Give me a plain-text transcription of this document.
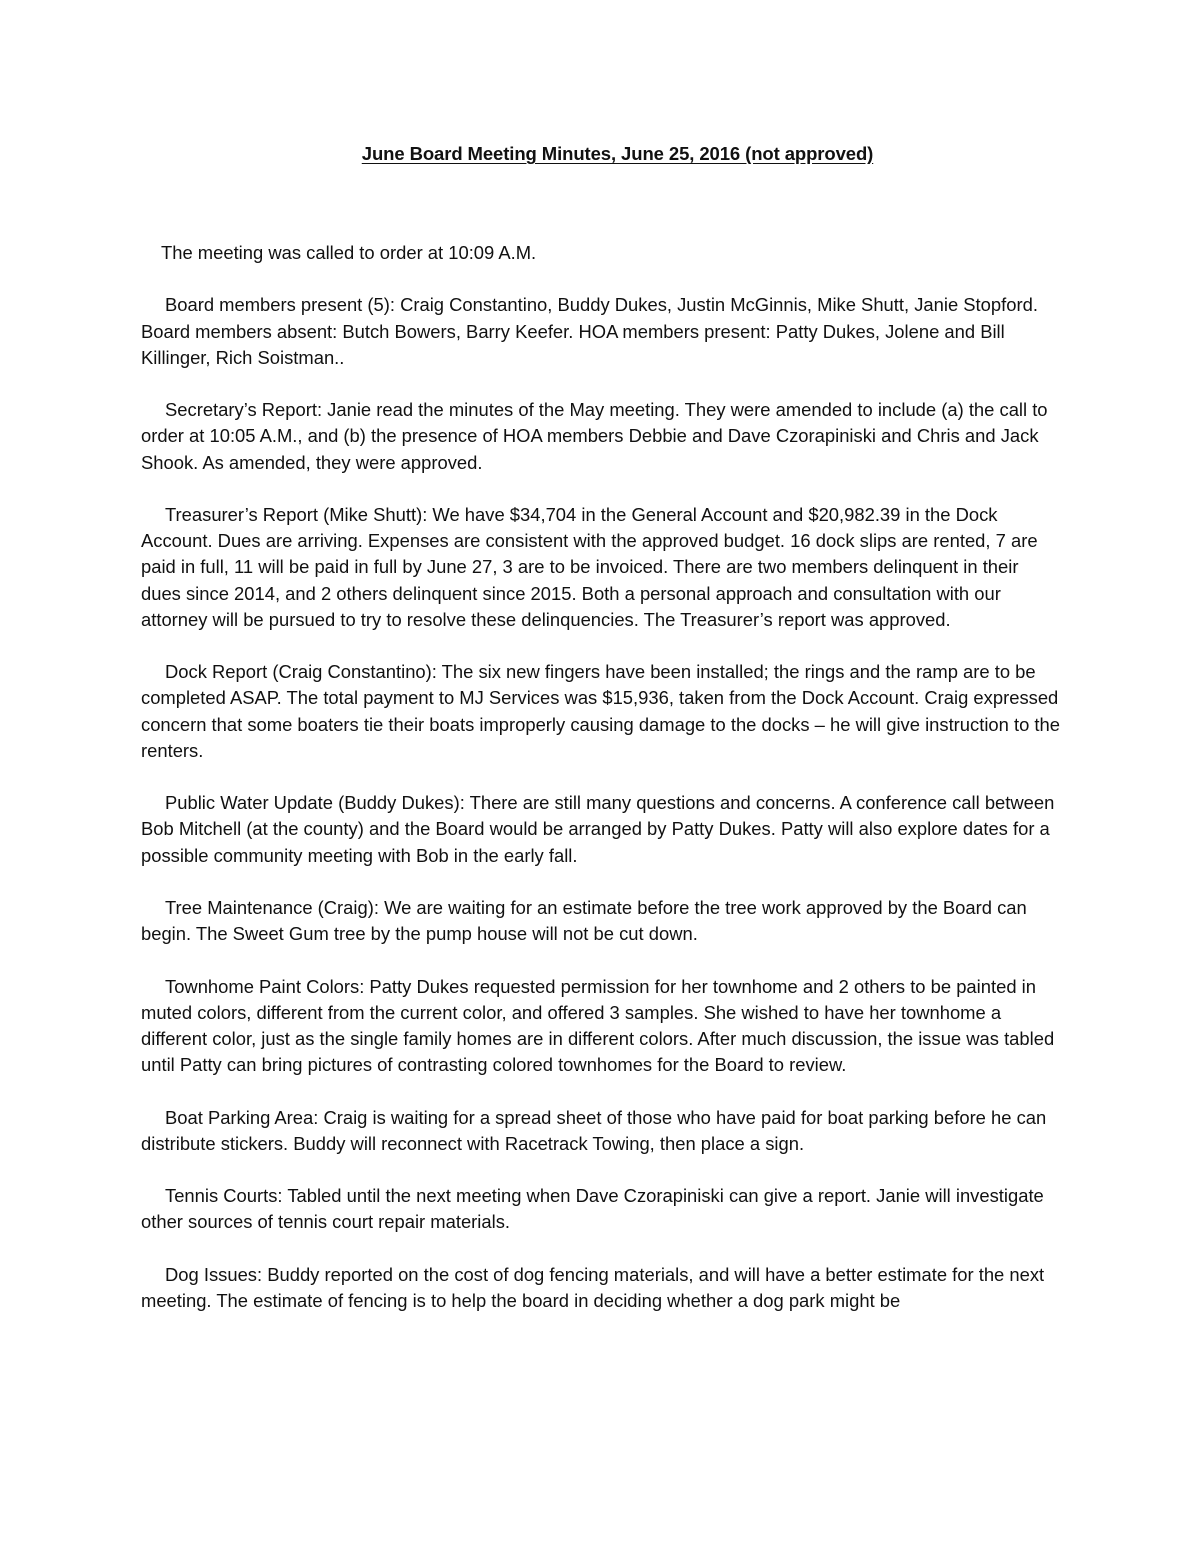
June Board Meeting Minutes, June 25, 2016 (not approved)

The meeting was called to order at 10:09 A.M.

Board members present (5): Craig Constantino, Buddy Dukes, Justin McGinnis, Mike Shutt, Janie Stopford. Board members absent: Butch Bowers, Barry Keefer. HOA members present: Patty Dukes, Jolene and Bill Killinger, Rich Soistman..

Secretary’s Report: Janie read the minutes of the May meeting. They were amended to include (a) the call to order at 10:05 A.M., and (b) the presence of HOA members Debbie and Dave Czorapiniski and Chris and Jack Shook. As amended, they were approved.

Treasurer’s Report (Mike Shutt): We have $34,704 in the General Account and $20,982.39 in the Dock Account. Dues are arriving. Expenses are consistent with the approved budget. 16 dock slips are rented, 7 are paid in full, 11 will be paid in full by June 27, 3 are to be invoiced. There are two members delinquent in their dues since 2014, and 2 others delinquent since 2015. Both a personal approach and consultation with our attorney will be pursued to try to resolve these delinquencies. The Treasurer’s report was approved.

Dock Report (Craig Constantino): The six new fingers have been installed; the rings and the ramp are to be completed ASAP. The total payment to MJ Services was $15,936, taken from the Dock Account. Craig expressed concern that some boaters tie their boats improperly causing damage to the docks – he will give instruction to the renters.

Public Water Update (Buddy Dukes): There are still many questions and concerns. A conference call between Bob Mitchell (at the county) and the Board would be arranged by Patty Dukes. Patty will also explore dates for a possible community meeting with Bob in the early fall.

Tree Maintenance (Craig): We are waiting for an estimate before the tree work approved by the Board can begin. The Sweet Gum tree by the pump house will not be cut down.

Townhome Paint Colors: Patty Dukes requested permission for her townhome and 2 others to be painted in muted colors, different from the current color, and offered 3 samples. She wished to have her townhome a different color, just as the single family homes are in different colors. After much discussion, the issue was tabled until Patty can bring pictures of contrasting colored townhomes for the Board to review.

Boat Parking Area: Craig is waiting for a spread sheet of those who have paid for boat parking before he can distribute stickers. Buddy will reconnect with Racetrack Towing, then place a sign.

Tennis Courts: Tabled until the next meeting when Dave Czorapiniski can give a report. Janie will investigate other sources of tennis court repair materials.

Dog Issues: Buddy reported on the cost of dog fencing materials, and will have a better estimate for the next meeting. The estimate of fencing is to help the board in deciding whether a dog park might be
